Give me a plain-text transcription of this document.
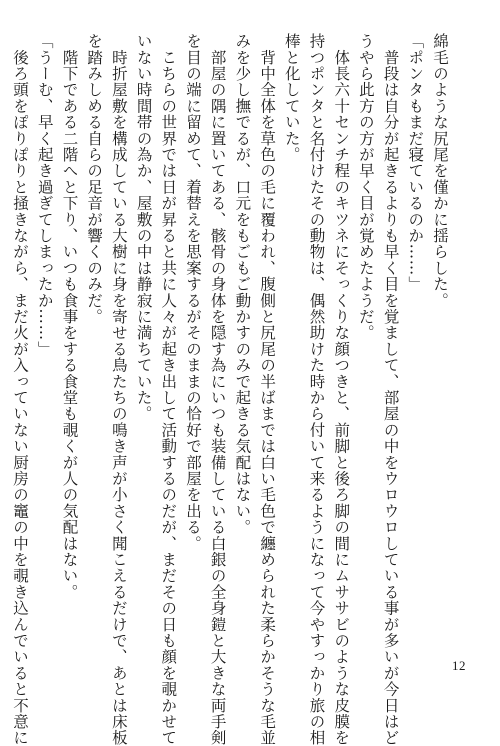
綿毛のような尻尾を僅かに揺らした。
「ポンタもまだ寝ているのか……」
　普段は自分が起きるよりも早く目を覚まして、部屋の中をウロウロしている事が多いが今日はど
うやら此方の方が早く目が覚めたようだ。
　体長六十センチ程のキツネにそっくりな顔つきと、前脚と後ろ脚の間にムササビのような皮膜を
持つポンタと名付けたその動物は、偶然助けた時から付いて来るようになって今やすっかり旅の相
棒と化していた。
　背中全体を草色の毛に覆われ、腹側と尻尾の半ばまでは白い毛色で纏められた柔らかそうな毛並
みを少し撫でるが、口元をもごもご動かすのみで起きる気配はない。
　部屋の隅に置いてある、骸骨の身体を隠す為にいつも装備している白銀の全身鎧と大きな両手剣
を目の端に留めて、着替えを思案するがそのままの恰好で部屋を出る。
　こちらの世界では日が昇ると共に人々が起き出して活動するのだが、まだその日も顔を覗かせて
いない時間帯の為か、屋敷の中は静寂に満ちていた。
　時折屋敷を構成している大樹に身を寄せる鳥たちの鳴き声が小さく聞こえるだけで、あとは床板
を踏みしめる自らの足音が響くのみだ。
　階下である二階へと下り、いつも食事をする食堂も覗くが人の気配はない。
「うーむ、早く起き過ぎてしまったか……」
　後ろ頭をぽりぽりと掻きながら、まだ火が入っていない厨房の竈の中を覗き込んでいると不意に	12
